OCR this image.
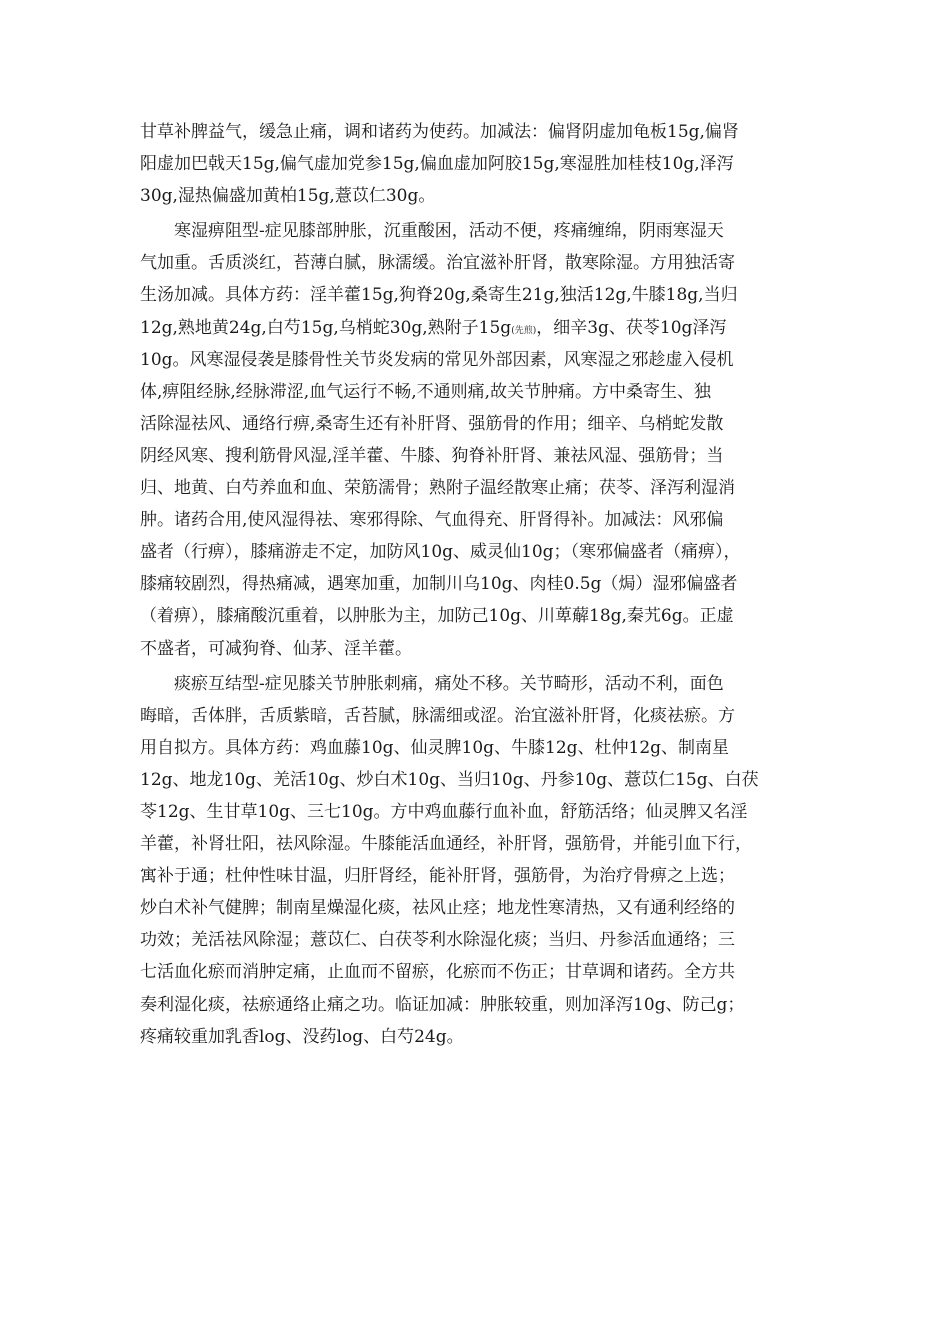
甘草补脾益气，缓急止痛，调和诸药为使药。加减法：偏肾阴虚加龟板15g,偏肾
阳虚加巴戟天15g,偏气虚加党参15g,偏血虚加阿胶15g,寒湿胜加桂枝10g,泽泻
30g,湿热偏盛加黄柏15g,薏苡仁30g。
　　寒湿痹阻型-症见膝部肿胀，沉重酸困，活动不便，疼痛缠绵，阴雨寒湿天
气加重。舌质淡红，苔薄白腻，脉濡缓。治宜滋补肝肾，散寒除湿。方用独活寄
生汤加减。具体方药：淫羊藿15g,狗脊20g,桑寄生21g,独活12g,牛膝18g,当归
12g,熟地黄24g,白芍15g,乌梢蛇30g,熟附子15g(先煎)，细辛3g、茯苓10g泽泻
10g。风寒湿侵袭是膝骨性关节炎发病的常见外部因素，风寒湿之邪趁虚入侵机
体,痹阻经脉,经脉滞涩,血气运行不畅,不通则痛,故关节肿痛。方中桑寄生、独
活除湿祛风、通络行痹,桑寄生还有补肝肾、强筋骨的作用；细辛、乌梢蛇发散
阴经风寒、搜利筋骨风湿,淫羊藿、牛膝、狗脊补肝肾、兼祛风湿、强筋骨；当
归、地黄、白芍养血和血、荣筋濡骨；熟附子温经散寒止痛；茯苓、泽泻利湿消
肿。诸药合用,使风湿得祛、寒邪得除、气血得充、肝肾得补。加减法：风邪偏
盛者（行痹），膝痛游走不定，加防风10g、威灵仙10g；（寒邪偏盛者（痛痹），
膝痛较剧烈，得热痛减，遇寒加重，加制川乌10g、肉桂0.5g（焗）湿邪偏盛者
（着痹），膝痛酸沉重着，以肿胀为主，加防己10g、川萆薢18g,秦艽6g。正虚
不盛者，可减狗脊、仙茅、淫羊藿。
　　痰瘀互结型-症见膝关节肿胀刺痛，痛处不移。关节畸形，活动不利，面色
晦暗，舌体胖，舌质紫暗，舌苔腻，脉濡细或涩。治宜滋补肝肾，化痰祛瘀。方
用自拟方。具体方药：鸡血藤10g、仙灵脾10g、牛膝12g、杜仲12g、制南星
12g、地龙10g、羌活10g、炒白术10g、当归10g、丹参10g、薏苡仁15g、白茯
苓12g、生甘草10g、三七10g。方中鸡血藤行血补血，舒筋活络；仙灵脾又名淫
羊藿，补肾壮阳，祛风除湿。牛膝能活血通经，补肝肾，强筋骨，并能引血下行，
寓补于通；杜仲性味甘温，归肝肾经，能补肝肾，强筋骨，为治疗骨痹之上选；
炒白术补气健脾；制南星燥湿化痰，祛风止痉；地龙性寒清热，又有通利经络的
功效；羌活祛风除湿；薏苡仁、白茯苓利水除湿化痰；当归、丹参活血通络；三
七活血化瘀而消肿定痛，止血而不留瘀，化瘀而不伤正；甘草调和诸药。全方共
奏利湿化痰，祛瘀通络止痛之功。临证加减：肿胀较重，则加泽泻10g、防己g；
疼痛较重加乳香log、没药log、白芍24g。
